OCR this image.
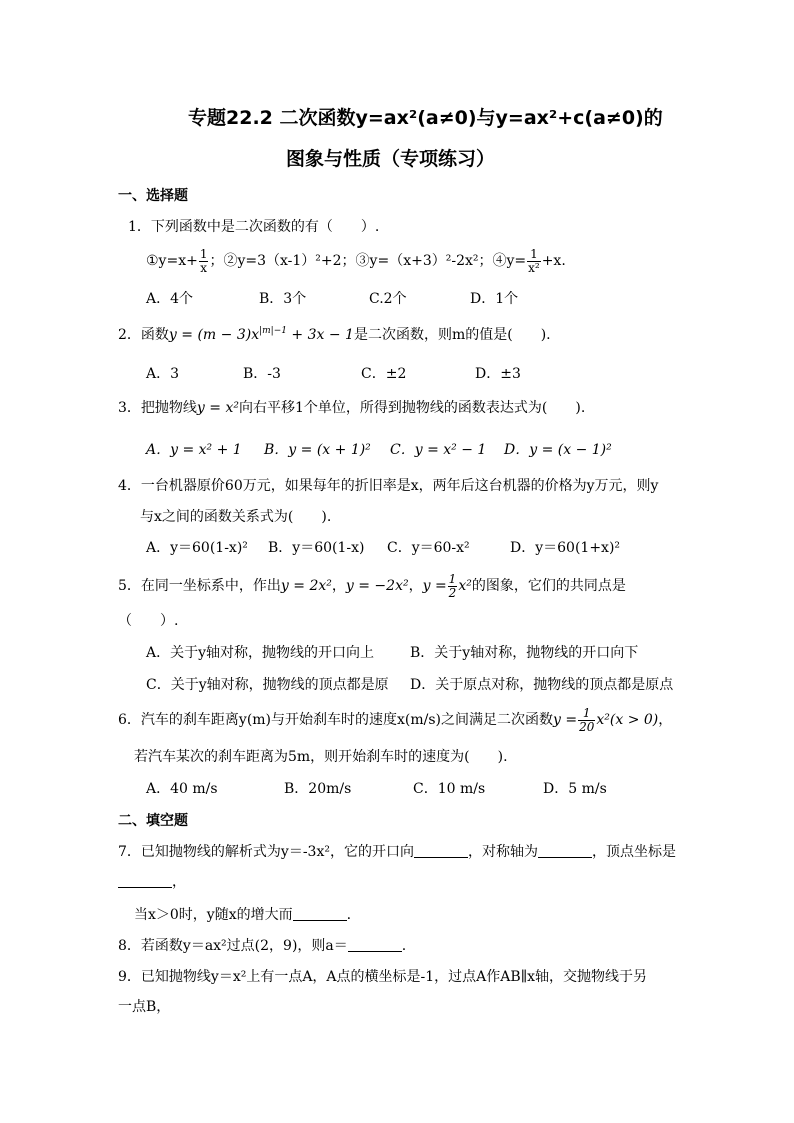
专题22.2 二次函数y=ax²(a≠0)与y=ax²+c(a≠0)的
图象与性质（专项练习）
一、选择题
1．下列函数中是二次函数的有（　　）.
①y=x+ $\frac{1}{x}$ ；②y=3（x-1）²+2；③y=（x+3）²-2x²；④y= $\frac{1}{\text{x²}} +x$.
A．4个	B．3个	C.2个	D．1个
2．函数$y = (m - 3)x^{|m|-1} + 3x - 1$是二次函数，则m的值是(　　).
A．3	B．-3	C．±2	D．±3
3．把抛物线y = x²向右平移1个单位，所得到抛物线的函数表达式为(　　).
A．y = x² + 1 B．y = (x + 1)² C．y = x² − 1 D．y = (x − 1)²
4．一台机器原价60万元，如果每年的折旧率是x，两年后这台机器的价格为y万元，则y
与x之间的函数关系式为(　　).
A．y＝60(1-x)² B．y＝60(1-x) C．y＝60-x²	D．y＝60(1+x)²
5．在同一坐标系中，作出y = 2x²，y = −2x²，$y = \frac{1}{2} x^2$的图象，它们的共同点是
（　　）.
A．关于y轴对称，抛物线的开口向上	B．关于y轴对称，抛物线的开口向下
C．关于y轴对称，抛物线的顶点都是原 D．关于原点对称，抛物线的顶点都是原点
6．汽车的刹车距离y(m)与开始刹车时的速度x(m/s)之间满足二次函数$y = \frac{1}{20} x^2(x > 0)$，
若汽车某次的刹车距离为5m，则开始刹车时的速度为(　　).
A．40 m/s	B．20m/s	C．10 m/s	D．5 m/s
二、填空题
7．已知抛物线的解析式为y＝-3x²，它的开口向	，对称轴为	，顶点坐标是
，
当x＞0时，y随x的增大而	.
8．若函数y＝ax²过点(2，9)，则a＝	.
9．已知抛物线y＝x²上有一点A，A点的横坐标是-1，过点A作AB∥x轴，交抛物线于另
一点B，
